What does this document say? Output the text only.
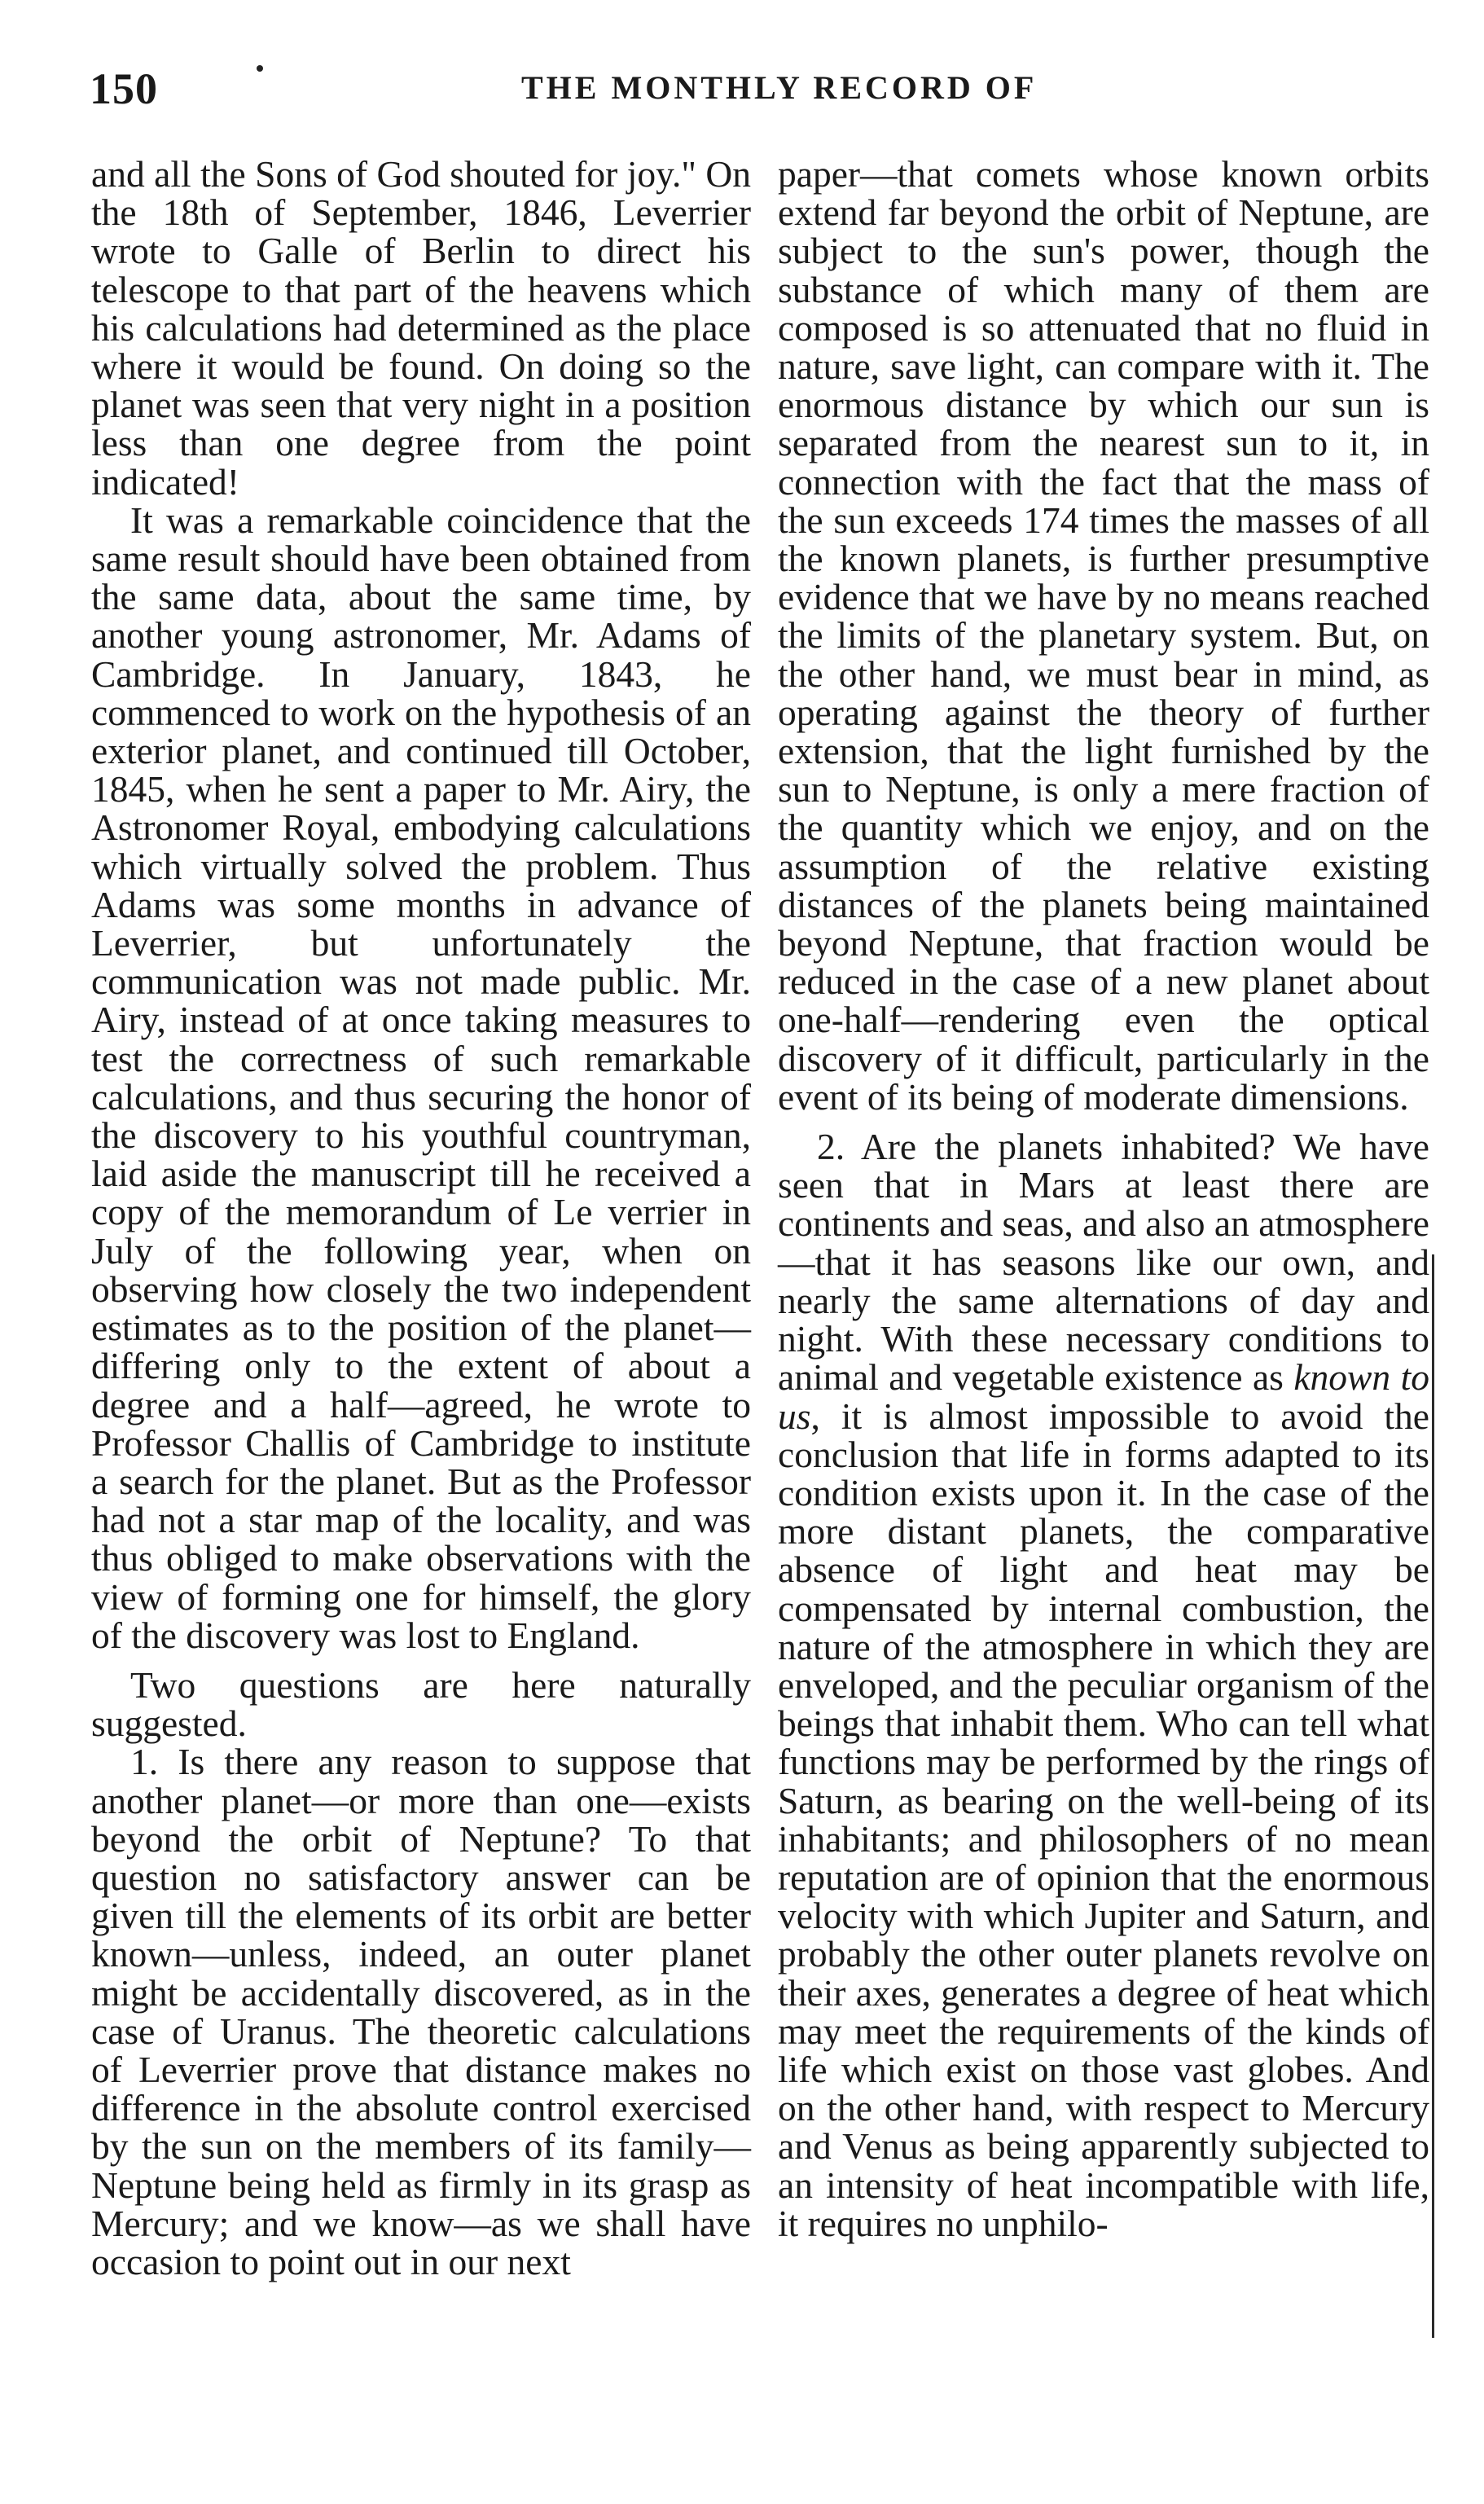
150	THE MONTHLY RECORD OF

and all the Sons of God shouted for joy." On the 18th of September, 1846, Leverrier wrote to Galle of Berlin to direct his telescope to that part of the heavens which his calculations had determined as the place where it would be found. On doing so the planet was seen that very night in a position less than one degree from the point indicated!

It was a remarkable coincidence that the same result should have been obtained from the same data, about the same time, by another young astronomer, Mr. Adams of Cambridge. In January, 1843, he commenced to work on the hypothesis of an exterior planet, and continued till October, 1845, when he sent a paper to Mr. Airy, the Astronomer Royal, embodying calculations which virtually solved the problem. Thus Adams was some months in advance of Leverrier, but unfortunately the communication was not made public. Mr. Airy, instead of at once taking measures to test the correctness of such remarkable calculations, and thus securing the honor of the discovery to his youthful countryman, laid aside the manuscript till he received a copy of the memorandum of Le verrier in July of the following year, when on observing how closely the two independent estimates as to the position of the planet—differing only to the extent of about a degree and a half—agreed, he wrote to Professor Challis of Cambridge to institute a search for the planet. But as the Professor had not a star map of the locality, and was thus obliged to make observations with the view of forming one for himself, the glory of the discovery was lost to England.

Two questions are here naturally suggested.

1. Is there any reason to suppose that another planet—or more than one—exists beyond the orbit of Neptune? To that question no satisfactory answer can be given till the elements of its orbit are better known—unless, indeed, an outer planet might be accidentally discovered, as in the case of Uranus. The theoretic calculations of Leverrier prove that distance makes no difference in the absolute control exercised by the sun on the members of its family—Neptune being held as firmly in its grasp as Mercury; and we know—as we shall have occasion to point out in our next

paper—that comets whose known orbits extend far beyond the orbit of Neptune, are subject to the sun's power, though the substance of which many of them are composed is so attenuated that no fluid in nature, save light, can compare with it. The enormous distance by which our sun is separated from the nearest sun to it, in connection with the fact that the mass of the sun exceeds 174 times the masses of all the known planets, is further presumptive evidence that we have by no means reached the limits of the planetary system. But, on the other hand, we must bear in mind, as operating against the theory of further extension, that the light furnished by the sun to Neptune, is only a mere fraction of the quantity which we enjoy, and on the assumption of the relative existing distances of the planets being maintained beyond Neptune, that fraction would be reduced in the case of a new planet about one-half—rendering even the optical discovery of it difficult, particularly in the event of its being of moderate dimensions.

2. Are the planets inhabited? We have seen that in Mars at least there are continents and seas, and also an atmosphere—that it has seasons like our own, and nearly the same alternations of day and night. With these necessary conditions to animal and vegetable existence as known to us, it is almost impossible to avoid the conclusion that life in forms adapted to its condition exists upon it. In the case of the more distant planets, the comparative absence of light and heat may be compensated by internal combustion, the nature of the atmosphere in which they are enveloped, and the peculiar organism of the beings that inhabit them. Who can tell what functions may be performed by the rings of Saturn, as bearing on the well-being of its inhabitants; and philosophers of no mean reputation are of opinion that the enormous velocity with which Jupiter and Saturn, and probably the other outer planets revolve on their axes, generates a degree of heat which may meet the requirements of the kinds of life which exist on those vast globes. And on the other hand, with respect to Mercury and Venus as being apparently subjected to an intensity of heat incompatible with life, it requires no unphilo-
